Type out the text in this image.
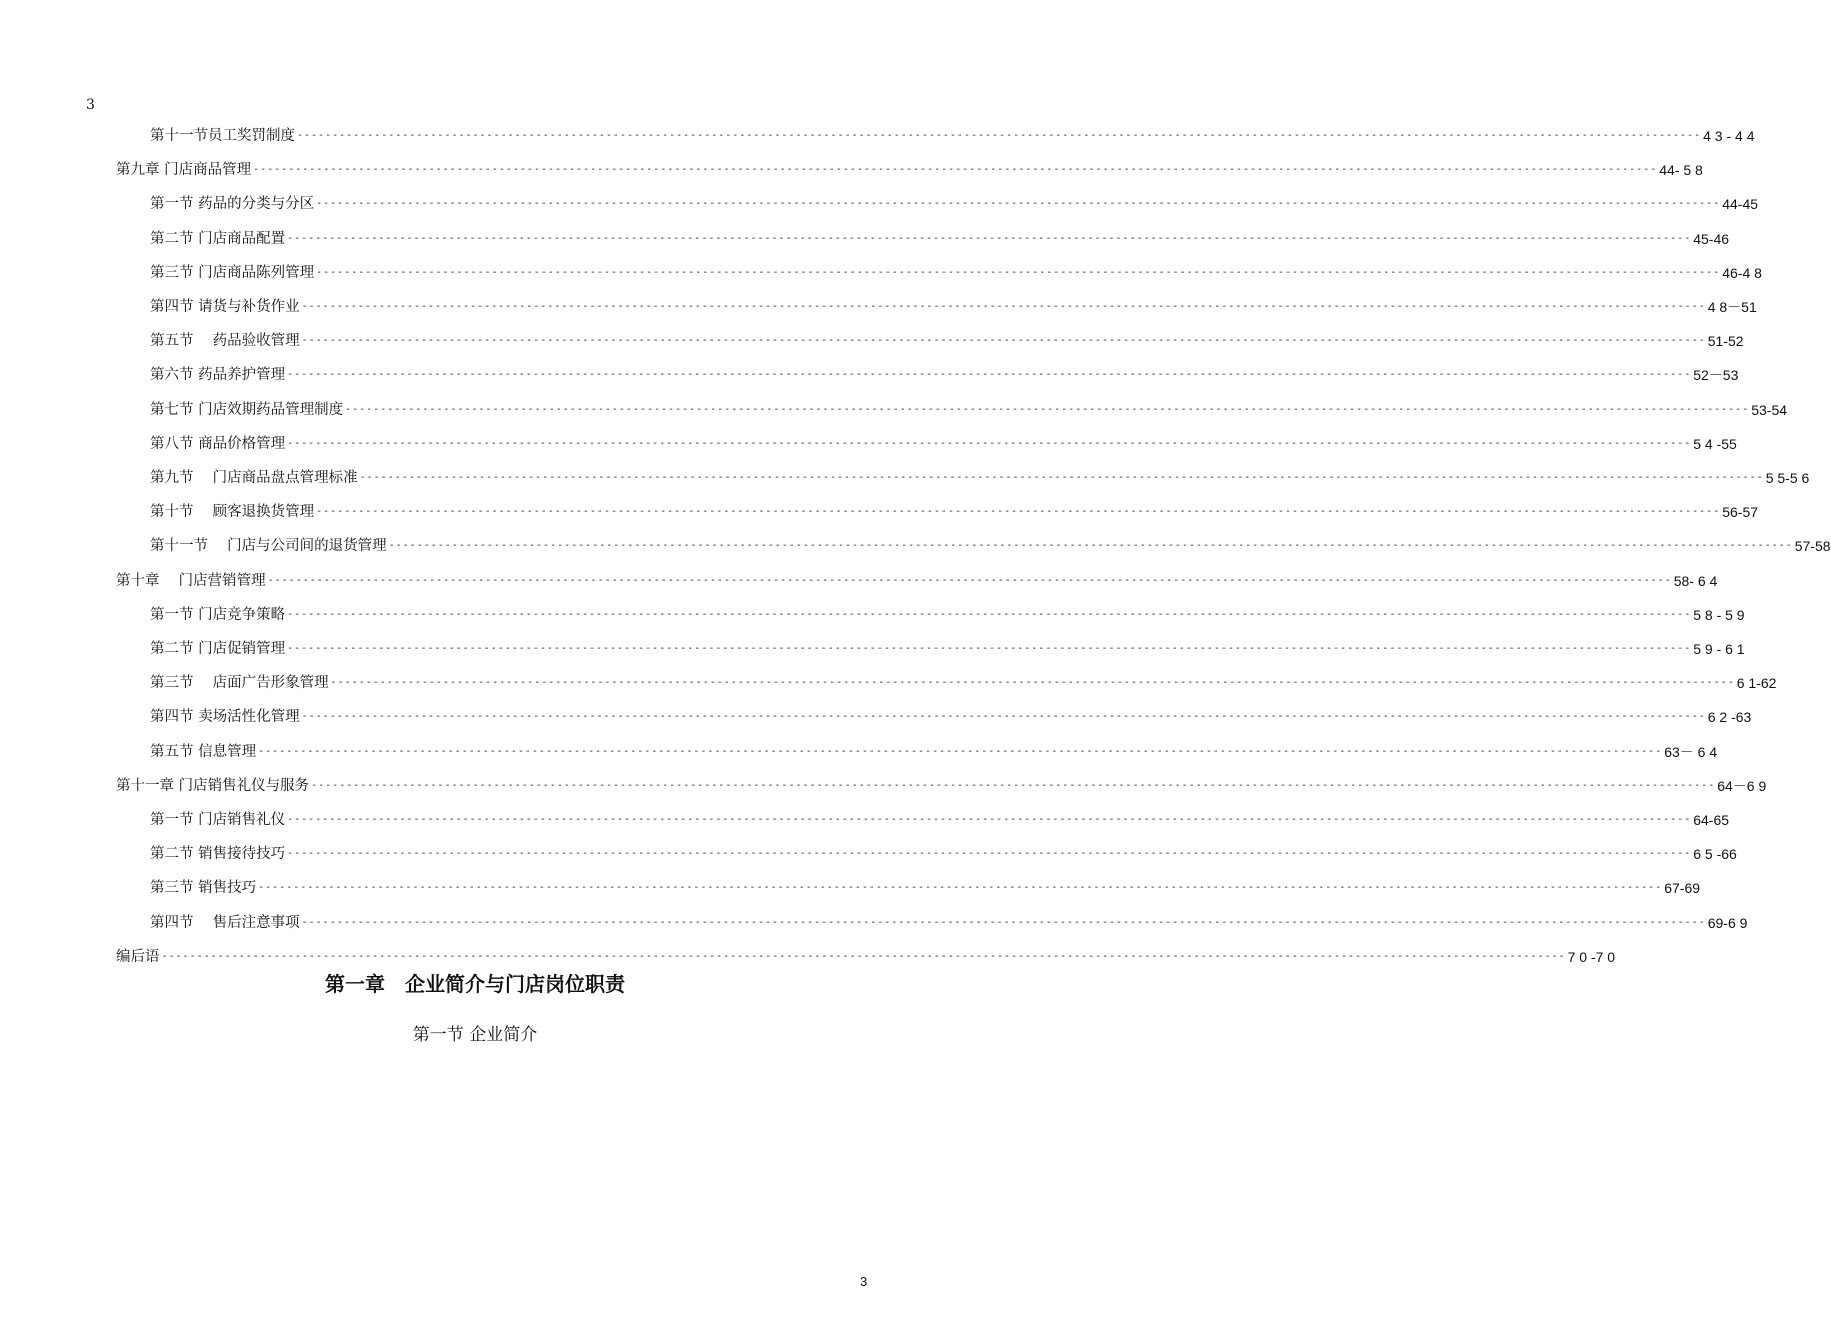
3
第十一节员工奖罚制度 -------------------------------------------------------------------------------------------------------------------------------------------------------------------------------------------------------- 4 3 - 4 4
第九章 门店商品管理 -------------------------------------------------------------------------------------------------------------------------------------------------------------------------------------------------------- 44- 5 8
第一节 药品的分类与分区 -------------------------------------------------------------------------------------------------------------------------------------------------------------------------------------------------------- 44-45
第二节 门店商品配置 -------------------------------------------------------------------------------------------------------------------------------------------------------------------------------------------------------- 45-46
第三节 门店商品陈列管理 -------------------------------------------------------------------------------------------------------------------------------------------------------------------------------------------------------- 46-4 8
第四节 请货与补货作业 -------------------------------------------------------------------------------------------------------------------------------------------------------------------------------------------------------- 4 8－51
第五节　 药品验收管理 -------------------------------------------------------------------------------------------------------------------------------------------------------------------------------------------------------- 51-52
第六节 药品养护管理 -------------------------------------------------------------------------------------------------------------------------------------------------------------------------------------------------------- 52－53
第七节 门店效期药品管理制度 -------------------------------------------------------------------------------------------------------------------------------------------------------------------------------------------------------- 53-54
第八节 商品价格管理 -------------------------------------------------------------------------------------------------------------------------------------------------------------------------------------------------------- 5 4 -55
第九节　 门店商品盘点管理标准 -------------------------------------------------------------------------------------------------------------------------------------------------------------------------------------------------------- 5 5-5 6
第十节　 顾客退换货管理 -------------------------------------------------------------------------------------------------------------------------------------------------------------------------------------------------------- 56-57
第十一节　 门店与公司间的退货管理 -------------------------------------------------------------------------------------------------------------------------------------------------------------------------------------------------------- 57-58
第十章　 门店营销管理 -------------------------------------------------------------------------------------------------------------------------------------------------------------------------------------------------------- 58- 6 4
第一节 门店竞争策略 -------------------------------------------------------------------------------------------------------------------------------------------------------------------------------------------------------- 5 8 - 5 9
第二节 门店促销管理 -------------------------------------------------------------------------------------------------------------------------------------------------------------------------------------------------------- 5 9 - 6 1
第三节　 店面广告形象管理 -------------------------------------------------------------------------------------------------------------------------------------------------------------------------------------------------------- 6 1-62
第四节 卖场活性化管理 -------------------------------------------------------------------------------------------------------------------------------------------------------------------------------------------------------- 6 2 -63
第五节 信息管理 -------------------------------------------------------------------------------------------------------------------------------------------------------------------------------------------------------- 63－ 6 4
第十一章 门店销售礼仪与服务 -------------------------------------------------------------------------------------------------------------------------------------------------------------------------------------------------------- 64－6 9
第一节 门店销售礼仪 -------------------------------------------------------------------------------------------------------------------------------------------------------------------------------------------------------- 64-65
第二节 销售接待技巧 -------------------------------------------------------------------------------------------------------------------------------------------------------------------------------------------------------- 6 5 -66
第三节 销售技巧 -------------------------------------------------------------------------------------------------------------------------------------------------------------------------------------------------------- 67-69
第四节　 售后注意事项 -------------------------------------------------------------------------------------------------------------------------------------------------------------------------------------------------------- 69-6 9
编后语 -------------------------------------------------------------------------------------------------------------------------------------------------------------------------------------------------------- 7 0 -7 0
第一章　企业简介与门店岗位职责
第一节 企业简介
3
